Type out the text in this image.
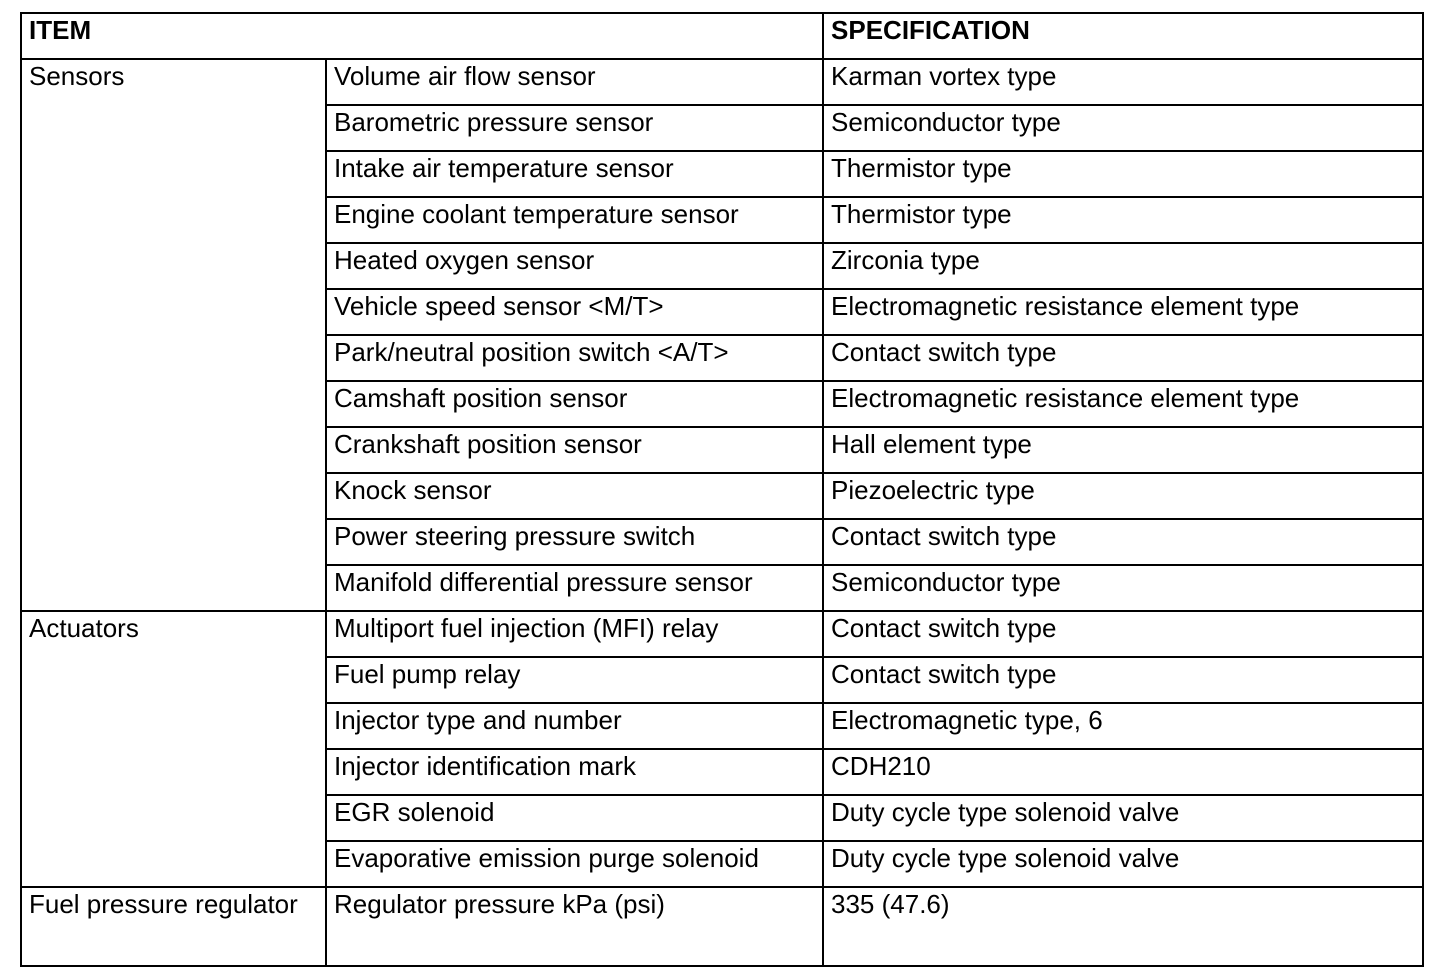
ITEM		SPECIFICATION
Sensors	Volume air flow sensor	Karman vortex type
	Barometric pressure sensor	Semiconductor type
	Intake air temperature sensor	Thermistor type
	Engine coolant temperature sensor	Thermistor type
	Heated oxygen sensor	Zirconia type
	Vehicle speed sensor <M/T>	Electromagnetic resistance element type
	Park/neutral position switch <A/T>	Contact switch type
	Camshaft position sensor	Electromagnetic resistance element type
	Crankshaft position sensor	Hall element type
	Knock sensor	Piezoelectric type
	Power steering pressure switch	Contact switch type
	Manifold differential pressure sensor	Semiconductor type
Actuators	Multiport fuel injection (MFI) relay	Contact switch type
	Fuel pump relay	Contact switch type
	Injector type and number	Electromagnetic type, 6
	Injector identification mark	CDH210
	EGR solenoid	Duty cycle type solenoid valve
	Evaporative emission purge solenoid	Duty cycle type solenoid valve
Fuel pressure regulator	Regulator pressure kPa (psi)	335 (47.6)
